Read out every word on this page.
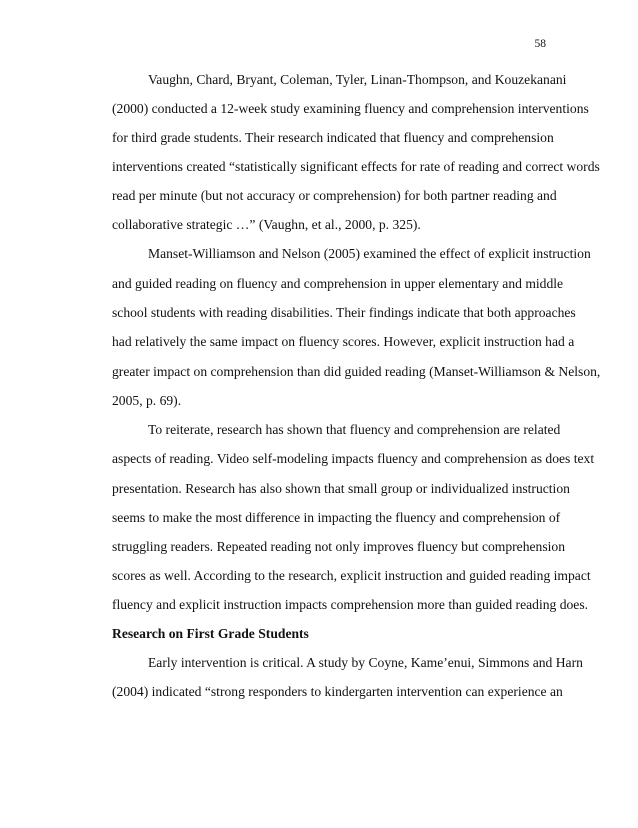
58
Vaughn, Chard, Bryant, Coleman, Tyler, Linan-Thompson, and Kouzekanani
(2000) conducted a 12-week study examining fluency and comprehension interventions
for third grade students. Their research indicated that fluency and comprehension
interventions created “statistically significant effects for rate of reading and correct words
read per minute (but not accuracy or comprehension) for both partner reading and
collaborative strategic …” (Vaughn, et al., 2000, p. 325).
Manset-Williamson and Nelson (2005) examined the effect of explicit instruction
and guided reading on fluency and comprehension in upper elementary and middle
school students with reading disabilities. Their findings indicate that both approaches
had relatively the same impact on fluency scores. However, explicit instruction had a
greater impact on comprehension than did guided reading (Manset-Williamson & Nelson,
2005, p. 69).
To reiterate, research has shown that fluency and comprehension are related
aspects of reading. Video self-modeling impacts fluency and comprehension as does text
presentation. Research has also shown that small group or individualized instruction
seems to make the most difference in impacting the fluency and comprehension of
struggling readers. Repeated reading not only improves fluency but comprehension
scores as well. According to the research, explicit instruction and guided reading impact
fluency and explicit instruction impacts comprehension more than guided reading does.
Research on First Grade Students
Early intervention is critical. A study by Coyne, Kame’enui, Simmons and Harn
(2004) indicated “strong responders to kindergarten intervention can experience an
